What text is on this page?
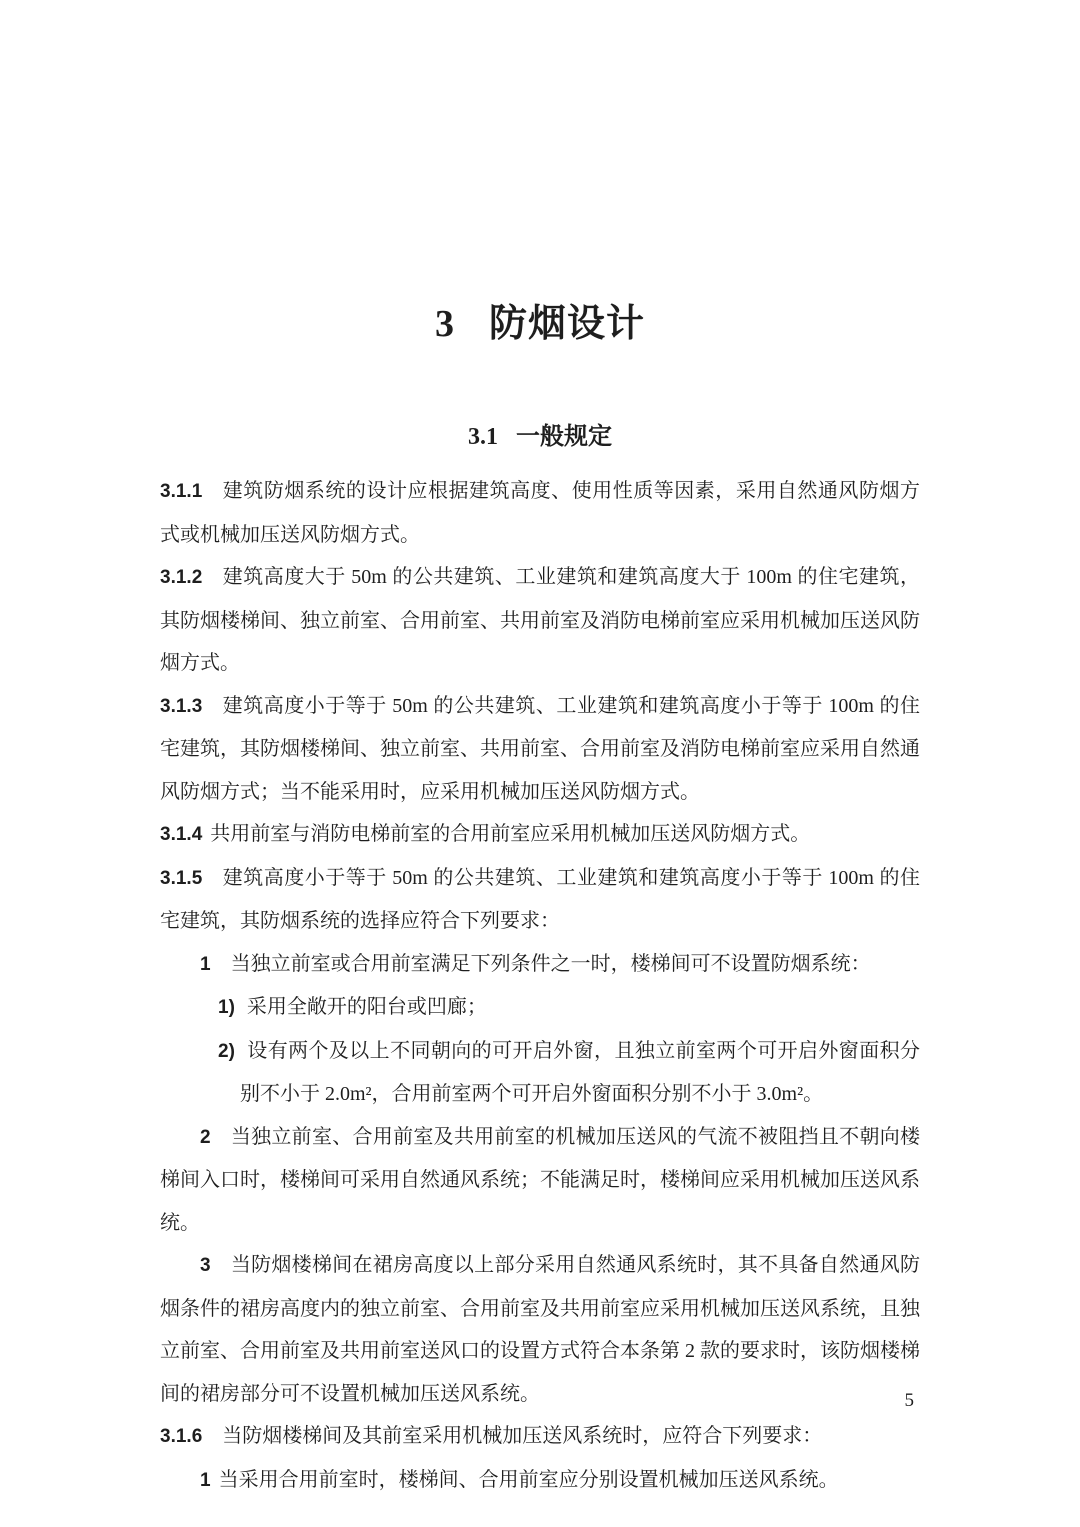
3 防烟设计
3.1 一般规定

3.1.1 建筑防烟系统的设计应根据建筑高度、使用性质等因素，采用自然通风防烟方式或机械加压送风防烟方式。

3.1.2 建筑高度大于 50m 的公共建筑、工业建筑和建筑高度大于 100m 的住宅建筑，其防烟楼梯间、独立前室、合用前室、共用前室及消防电梯前室应采用机械加压送风防烟方式。

3.1.3 建筑高度小于等于 50m 的公共建筑、工业建筑和建筑高度小于等于 100m 的住宅建筑，其防烟楼梯间、独立前室、共用前室、合用前室及消防电梯前室应采用自然通风防烟方式；当不能采用时，应采用机械加压送风防烟方式。

3.1.4 共用前室与消防电梯前室的合用前室应采用机械加压送风防烟方式。

3.1.5 建筑高度小于等于 50m 的公共建筑、工业建筑和建筑高度小于等于 100m 的住宅建筑，其防烟系统的选择应符合下列要求：

1 当独立前室或合用前室满足下列条件之一时，楼梯间可不设置防烟系统：

1) 采用全敞开的阳台或凹廊；

2) 设有两个及以上不同朝向的可开启外窗，且独立前室两个可开启外窗面积分别不小于 2.0m²，合用前室两个可开启外窗面积分别不小于 3.0m²。

2 当独立前室、合用前室及共用前室的机械加压送风的气流不被阻挡且不朝向楼梯间入口时，楼梯间可采用自然通风系统；不能满足时，楼梯间应采用机械加压送风系统。

3 当防烟楼梯间在裙房高度以上部分采用自然通风系统时，其不具备自然通风防烟条件的裙房高度内的独立前室、合用前室及共用前室应采用机械加压送风系统，且独立前室、合用前室及共用前室送风口的设置方式符合本条第 2 款的要求时，该防烟楼梯间的裙房部分可不设置机械加压送风系统。

3.1.6 当防烟楼梯间及其前室采用机械加压送风系统时，应符合下列要求：

1 当采用合用前室时，楼梯间、合用前室应分别设置机械加压送风系统。

5
